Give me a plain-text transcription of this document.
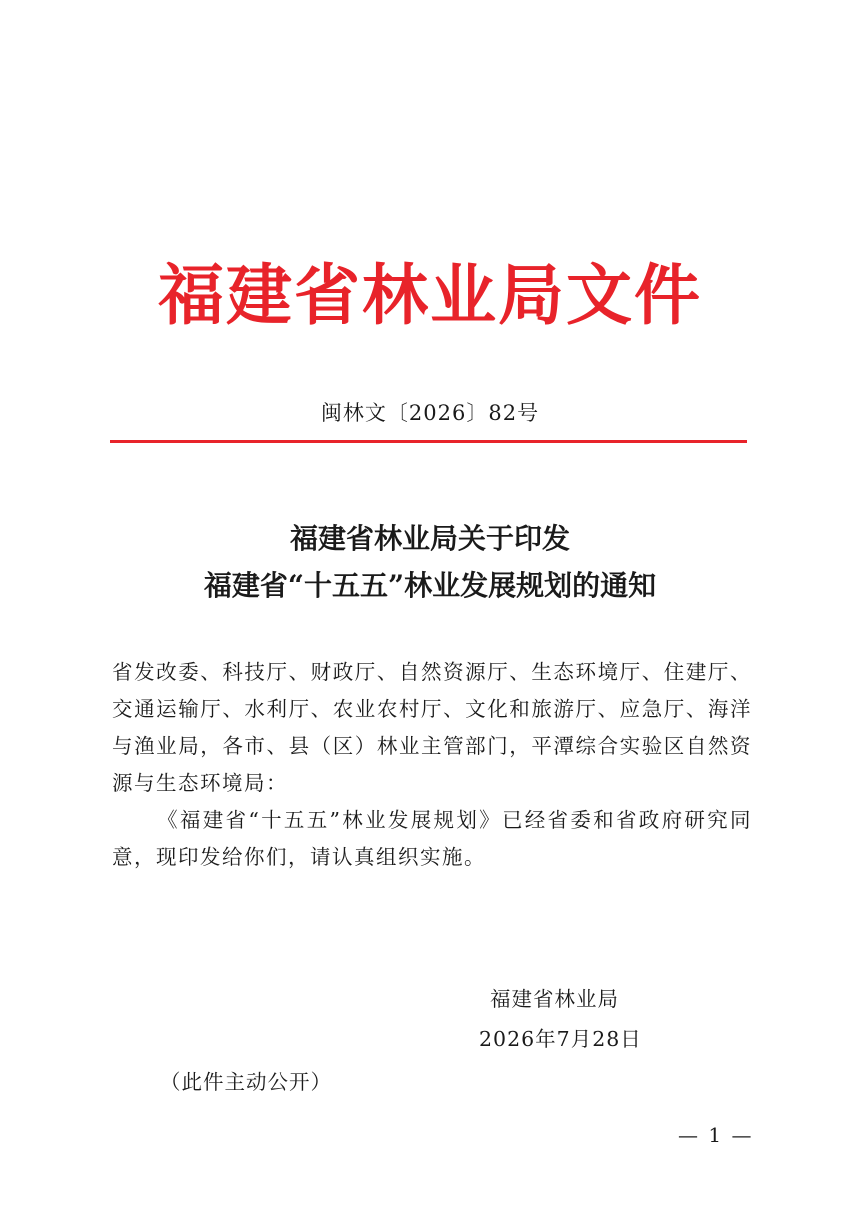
福建省林业局文件
闽林文〔2026〕82号
福建省林业局关于印发
福建省“十五五”林业发展规划的通知

省发改委、科技厅、财政厅、自然资源厅、生态环境厅、住建厅、交通运输厅、水利厅、农业农村厅、文化和旅游厅、应急厅、海洋与渔业局，各市、县（区）林业主管部门，平潭综合实验区自然资源与生态环境局：

《福建省“十五五”林业发展规划》已经省委和省政府研究同意，现印发给你们，请认真组织实施。

福建省林业局
2026年7月28日
（此件主动公开）
— 1 —
